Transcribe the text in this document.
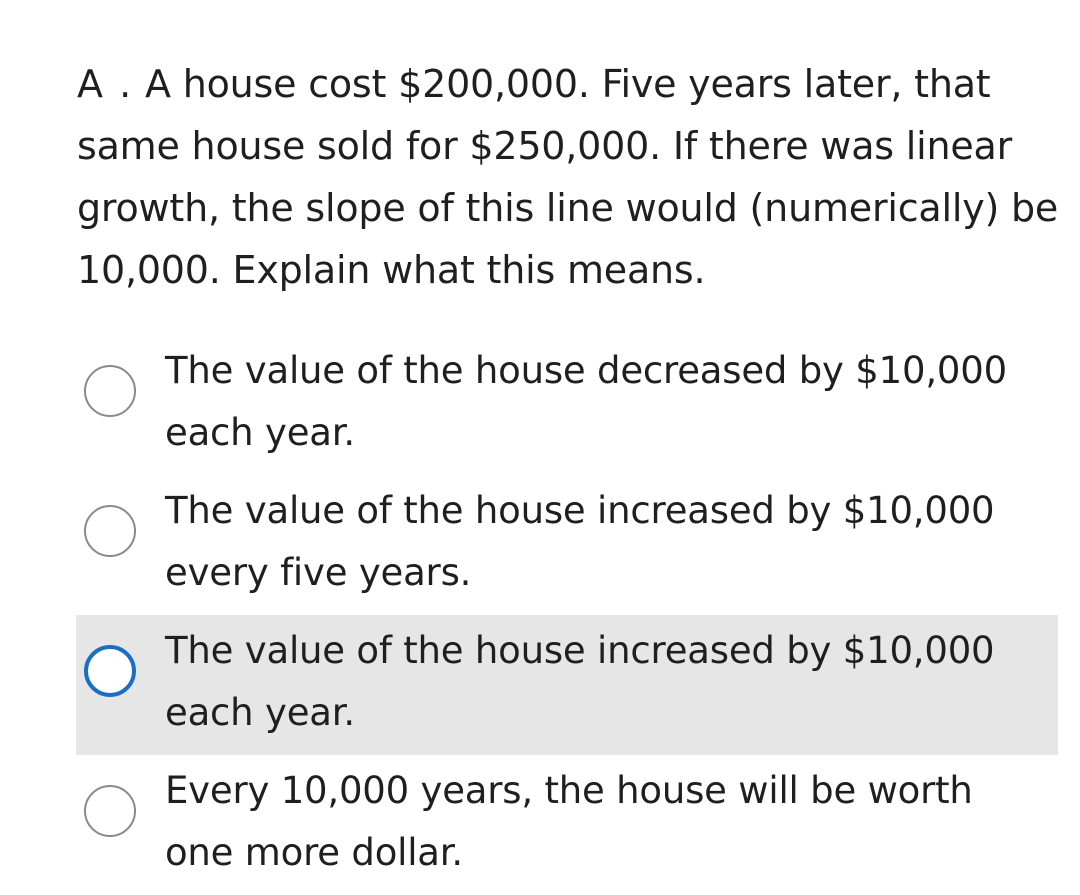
A . A house cost $200,000. Five years later, that same house sold for $250,000. If there was linear growth, the slope of this line would (numerically) be 10,000. Explain what this means.
The value of the house decreased by $10,000 each year.
The value of the house increased by $10,000 every five years.
The value of the house increased by $10,000 each year.
Every 10,000 years, the house will be worth one more dollar.
